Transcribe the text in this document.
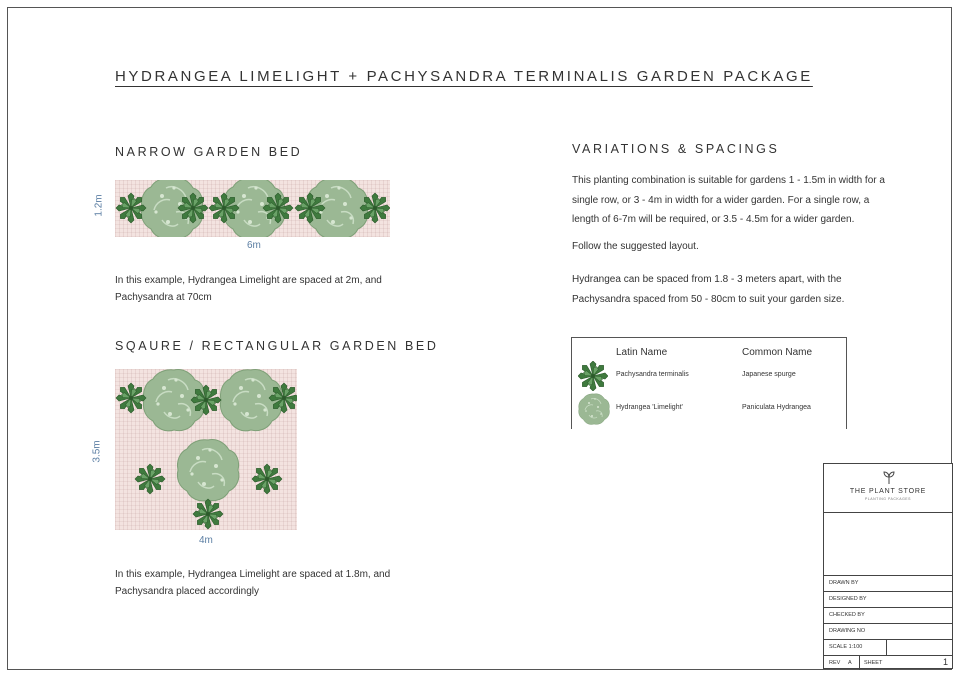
HYDRANGEA LIMELIGHT + PACHYSANDRA TERMINALIS GARDEN PACKAGE
NARROW GARDEN BED
1.2m
6m
In this example, Hydrangea Limelight are spaced at 2m, and
Pachysandra at 70cm
SQAURE / RECTANGULAR GARDEN BED
3.5m
4m
In this example, Hydrangea Limelight are spaced at 1.8m, and
Pachysandra placed accordingly
VARIATIONS & SPACINGS
This planting combination is suitable for gardens 1 - 1.5m in width for a
single row, or 3 - 4m in width for a wider garden. For a single row, a
length of 6-7m will be required, or 3.5 - 4.5m for a wider garden.
Follow the suggested layout.
Hydrangea can be spaced from 1.8 - 3 meters apart, with the
Pachysandra spaced from 50 - 80cm to suit your garden size.
Latin Name	Common Name
Pachysandra terminalis	Japanese spurge
Hydrangea 'Limelight'	Paniculata Hydrangea
THE PLANT STORE
PLANTING PACKAGES
DRAWN BY
DESIGNED BY
CHECKED BY
DRAWING NO
SCALE 1:100
REV A SHEET	1
